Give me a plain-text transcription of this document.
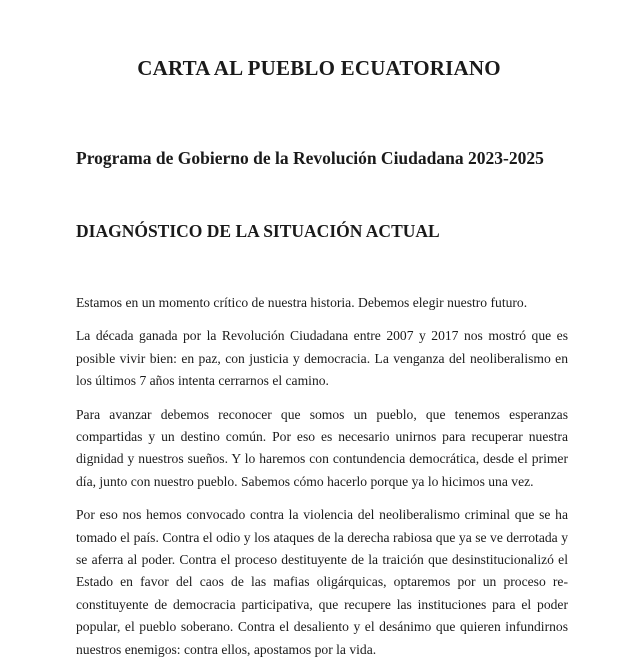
CARTA AL PUEBLO ECUATORIANO
Programa de Gobierno de la Revolución Ciudadana 2023-2025
DIAGNÓSTICO DE LA SITUACIÓN ACTUAL

Estamos en un momento crítico de nuestra historia. Debemos elegir nuestro futuro.

La década ganada por la Revolución Ciudadana entre 2007 y 2017 nos mostró que es posible vivir bien: en paz, con justicia y democracia. La venganza del neoliberalismo en los últimos 7 años intenta cerrarnos el camino.

Para avanzar debemos reconocer que somos un pueblo, que tenemos esperanzas compartidas y un destino común. Por eso es necesario unirnos para recuperar nuestra dignidad y nuestros sueños. Y lo haremos con contundencia democrática, desde el primer día, junto con nuestro pueblo. Sabemos cómo hacerlo porque ya lo hicimos una vez.

Por eso nos hemos convocado contra la violencia del neoliberalismo criminal que se ha tomado el país. Contra el odio y los ataques de la derecha rabiosa que ya se ve derrotada y se aferra al poder. Contra el proceso destituyente de la traición que desinstitucionalizó el Estado en favor del caos de las mafias oligárquicas, optaremos por un proceso re-constituyente de democracia participativa, que recupere las instituciones para el poder popular, el pueblo soberano. Contra el desaliento y el desánimo que quieren infundirnos nuestros enemigos: contra ellos, apostamos por la vida.
